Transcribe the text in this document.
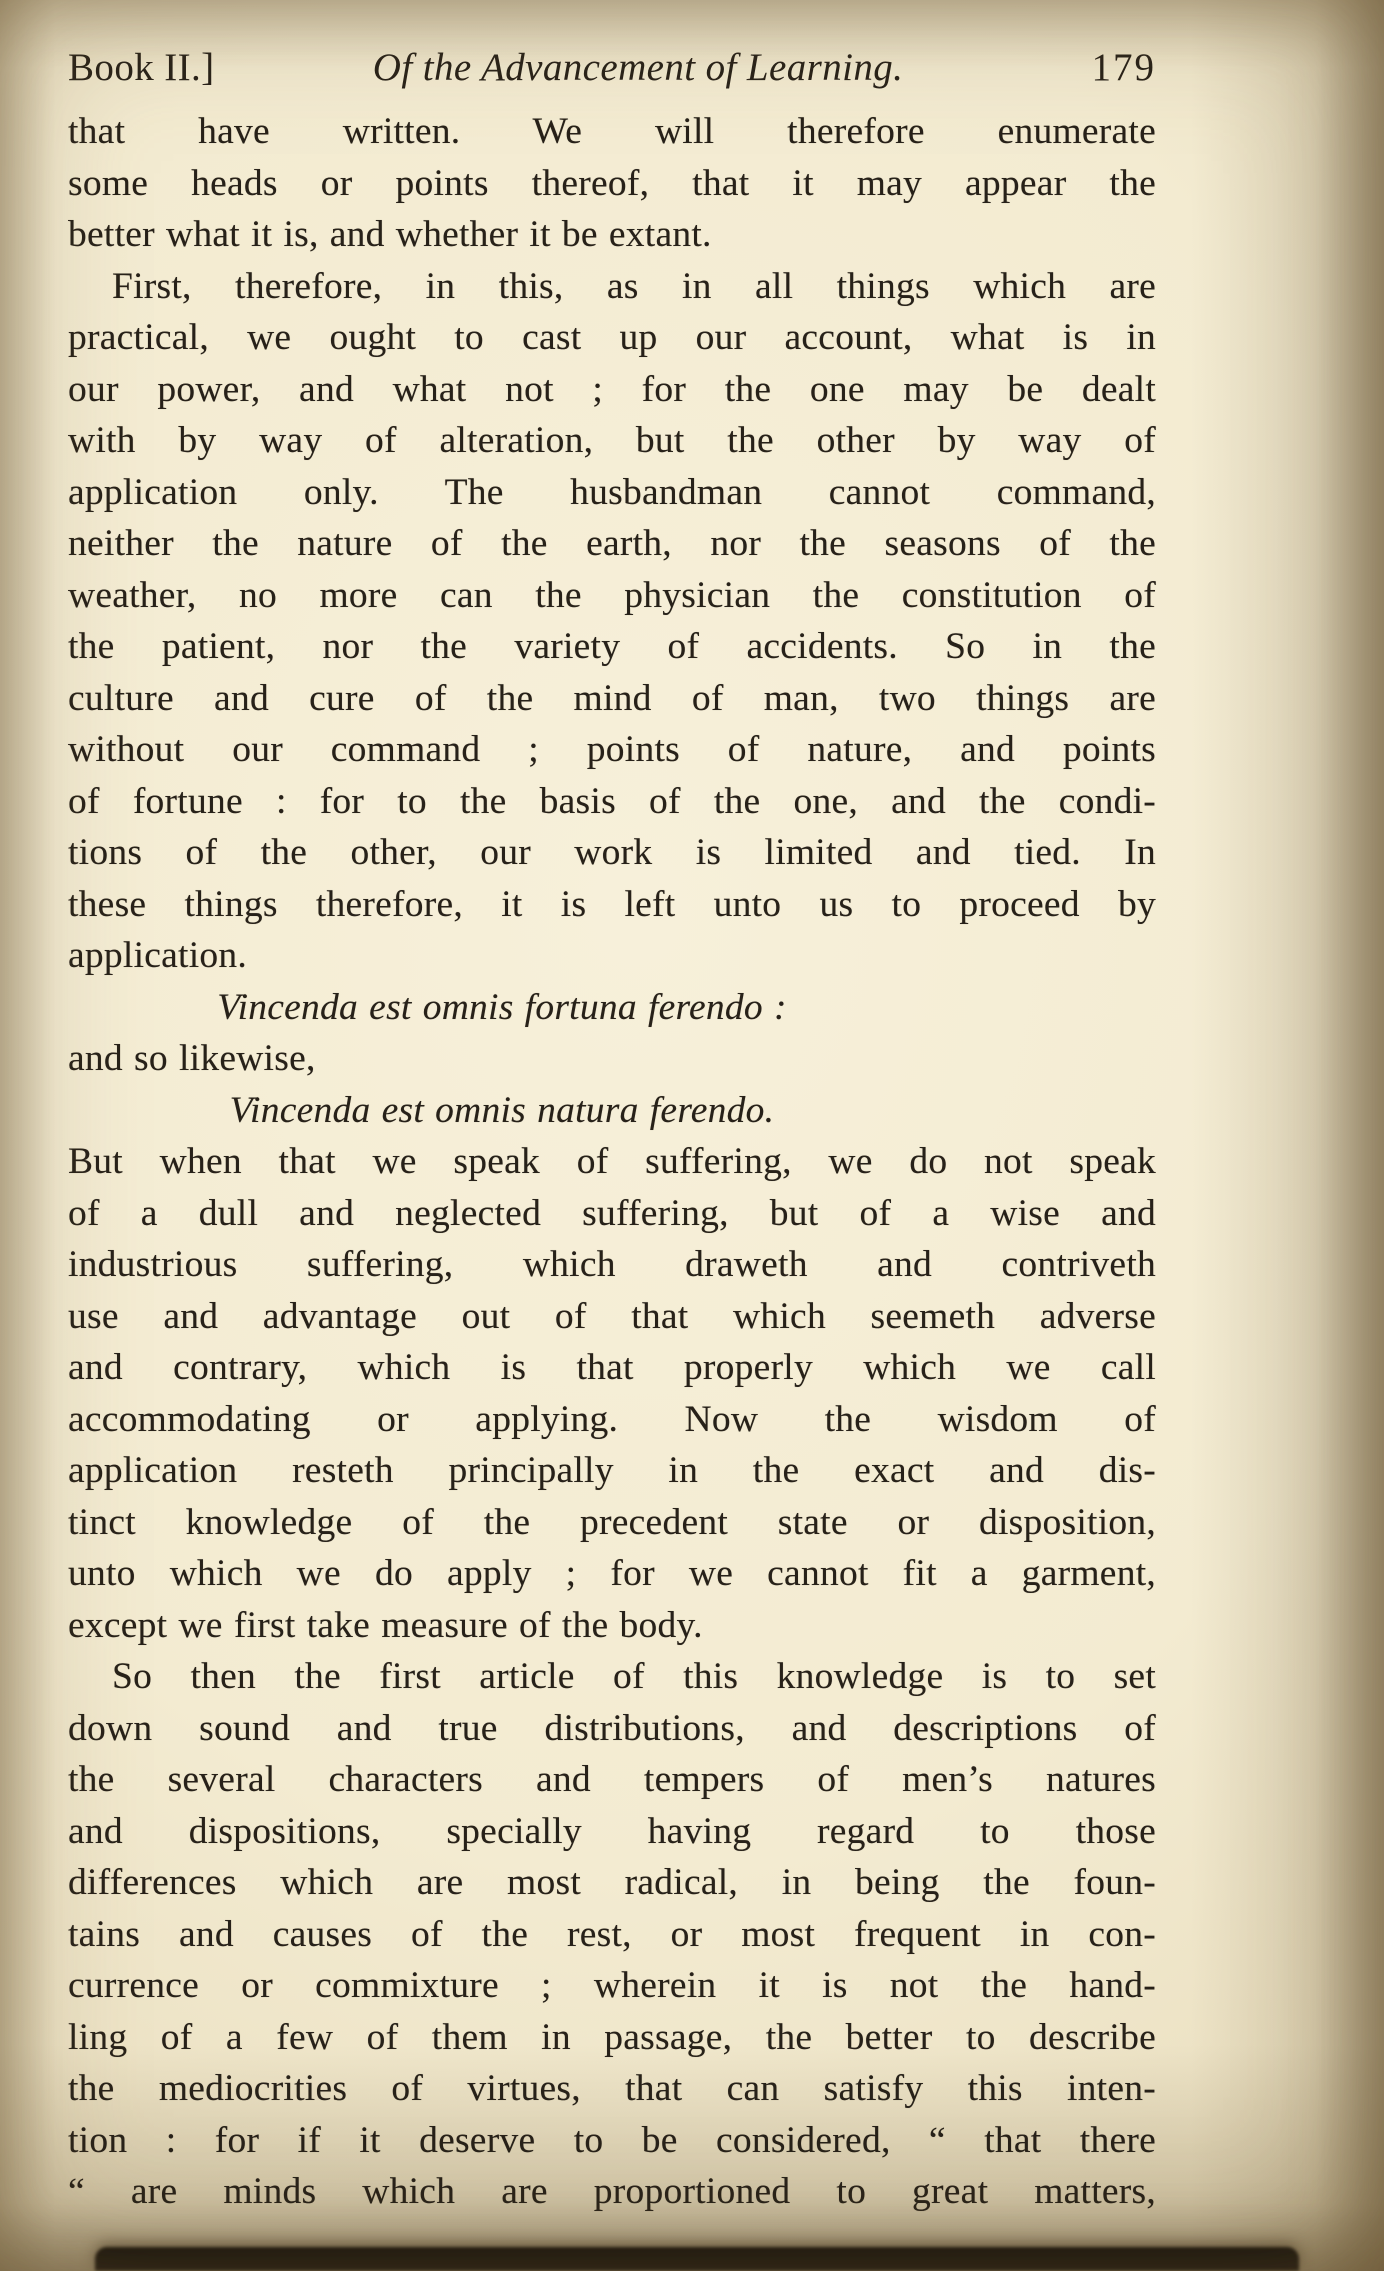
Book II.]	Of the Advancement of Learning.	179
that have written. We will therefore enumerate
some heads or points thereof, that it may appear the
better what it is, and whether it be extant.
First, therefore, in this, as in all things which are
practical, we ought to cast up our account, what is in
our power, and what not ; for the one may be dealt
with by way of alteration, but the other by way of
application only. The husbandman cannot command,
neither the nature of the earth, nor the seasons of the
weather, no more can the physician the constitution of
the patient, nor the variety of accidents. So in the
culture and cure of the mind of man, two things are
without our command ; points of nature, and points
of fortune : for to the basis of the one, and the condi-
tions of the other, our work is limited and tied. In
these things therefore, it is left unto us to proceed by
application.
Vincenda est omnis fortuna ferendo :
and so likewise,
Vincenda est omnis natura ferendo.
But when that we speak of suffering, we do not speak
of a dull and neglected suffering, but of a wise and
industrious suffering, which draweth and contriveth
use and advantage out of that which seemeth adverse
and contrary, which is that properly which we call
accommodating or applying. Now the wisdom of
application resteth principally in the exact and dis-
tinct knowledge of the precedent state or disposition,
unto which we do apply ; for we cannot fit a garment,
except we first take measure of the body.
So then the first article of this knowledge is to set
down sound and true distributions, and descriptions of
the several characters and tempers of men’s natures
and dispositions, specially having regard to those
differences which are most radical, in being the foun-
tains and causes of the rest, or most frequent in con-
currence or commixture ; wherein it is not the hand-
ling of a few of them in passage, the better to describe
the mediocrities of virtues, that can satisfy this inten-
tion : for if it deserve to be considered, “ that there
“ are minds which are proportioned to great matters,
